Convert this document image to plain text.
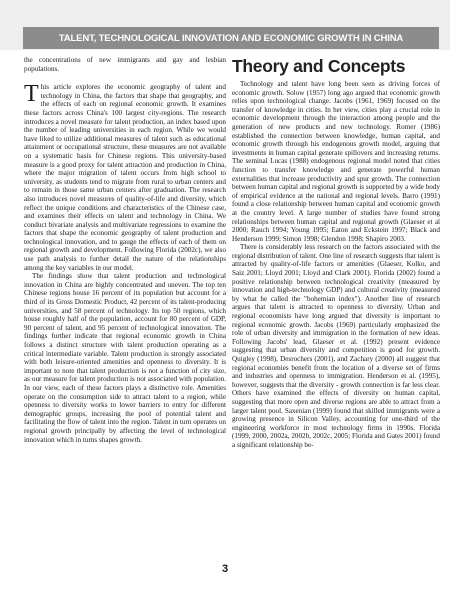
TALENT, TECHNOLOGICAL INNOVATION AND ECONOMIC GROWTH IN CHINA

the concentrations of new immigrants and gay and lesbian populations.

This article explores the economic geography of talent and technology in China, the factors that shape that geography, and the effects of each on regional economic growth. It examines these factors across China's 100 largest city-regions. The research introduces a novel measure for talent production, an index based upon the number of leading universities in each region. While we would have liked to utilize additional measures of talent such as educational attainment or occupational structure, these measures are not available on a systematic basis for Chinese regions. This university-based measure is a good proxy for talent attraction and production in China, where the major migration of talent occurs from high school to university, as students tend to migrate from rural to urban centers and to remain in those same urban centers after graduation. The research also introduces novel measures of quality-of-life and diversity, which reflect the unique conditions and characteristics of the Chinese case, and examines their effects on talent and technology in China. We conduct bivariate analysis and multivariate regressions to examine the factors that shape the economic geography of talent production and technological innovation, and to gauge the effects of each of them on regional growth and development. Following Florida (2002c), we also use path analysis to further detail the nature of the relationships among the key variables in our model.

The findings show that talent production and technological innovation in China are highly concentrated and uneven. The top ten Chinese regions house 16 percent of its population but account for a third of its Gross Domestic Product, 42 percent of its talent-producing universities, and 58 percent of technology. Its top 50 regions, which house roughly half of the population, account for 80 percent of GDP, 90 percent of talent, and 95 percent of technological innovation. The findings further indicate that regional economic growth in China follows a distinct structure with talent production operating as a critical intermediate variable. Talent production is strongly associated with both leisure-oriented amenities and openness to diversity. It is important to note that talent production is not a function of city size, as our measure for talent production is not associated with population. In our view, each of these factors plays a distinctive role. Amenities operate on the consumption side to attract talent to a region, while openness to diversity works to lower barriers to entry for different demographic groups, increasing the pool of potential talent and facilitating the flow of talent into the region. Talent in turn operates on regional growth principally by affecting the level of technological innovation which in turns shapes growth.

Theory and Concepts

Technology and talent have long been seen as driving forces of economic growth. Solow (1957) long ago argued that economic growth relies upon technological change. Jacobs (1961, 1969) focused on the transfer of knowledge in cities. In her view, cities play a crucial role in economic development through the interaction among people and the generation of new products and new technology. Romer (1986) established the connection between knowledge, human capital, and economic growth through his endogenous growth model, arguing that investments in human capital generate spillovers and increasing returns. The seminal Lucas (1988) endogenous regional model noted that cities function to transfer knowledge and generate powerful human externalities that increase productivity and spur growth. The connection between human capital and regional growth is supported by a wide body of empirical evidence at the national and regional levels. Barro (1991) found a close relationship between human capital and economic growth at the country level. A large number of studies have found strong relationships between human capital and regional growth (Glaeser et al 2000; Rauch 1994; Young 1995; Eaton and Eckstein 1997; Black and Henderson 1999; Simon 1998; Glendon 1998; Shapiro 2003.

There is considerably less research on the factors associated with the regional distribution of talent. One line of research suggests that talent is attracted by quality-of-life factors or amenities (Glaeser, Kolko, and Saiz 2001; Lloyd 2001; Lloyd and Clark 2001). Florida (2002) found a positive relationship between technological creativity (measured by innovation and high-technology GDP) and cultural creativity (measured by what he called the "bohemian index"). Another line of research argues that talent is attracted to openness to diversity. Urban and regional economists have long argued that diversity is important to regional economic growth. Jacobs (1969) particularly emphasized the role of urban diversity and immigration in the formation of new ideas. Following Jacobs' lead, Glaeser et al. (1992) present evidence suggesting that urban diversity and competition is good for growth. Quigley (1998), Desrochers (2001), and Zachary (2000) all suggest that regional economies benefit from the location of a diverse set of firms and industries and openness to immigration. Henderson et al. (1995), however, suggests that the diversity - growth connection is far less clear. Others have examined the effects of diversity on human capital, suggesting that more open and diverse regions are able to attract from a larger talent pool. Saxenian (1999) found that skilled immigrants were a growing presence in Silicon Valley, accounting for one-third of the engineering workforce in most technology firms in 1990s. Florida (1999, 2000, 2002a, 2002b, 2002c, 2005; Florida and Gates 2001) found a significant relationship be-

3
